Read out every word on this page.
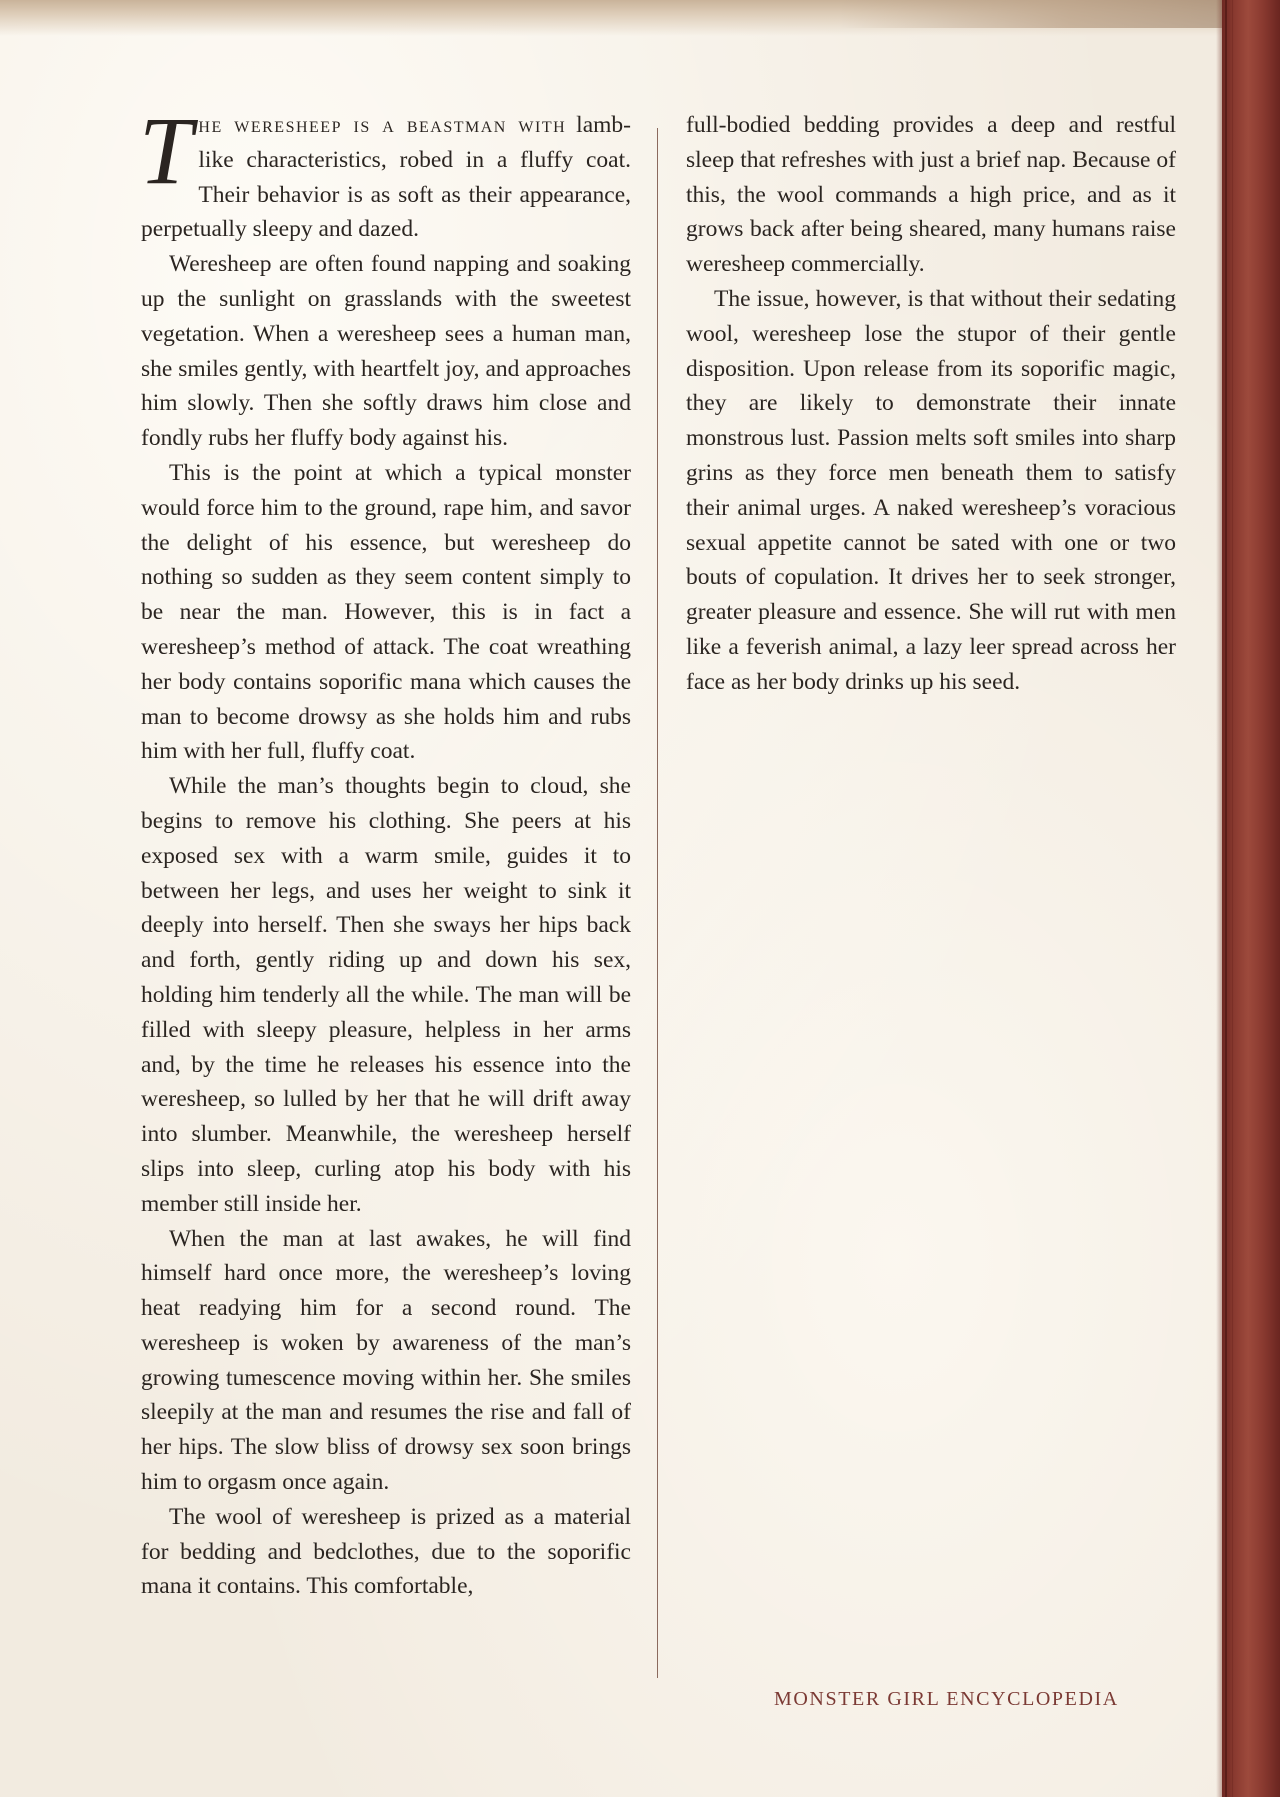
The weresheep is a beastman with lamb-like characteristics, robed in a fluffy coat. Their behavior is as soft as their appearance, perpetually sleepy and dazed.

Weresheep are often found napping and soaking up the sunlight on grasslands with the sweetest vegetation. When a weresheep sees a human man, she smiles gently, with heartfelt joy, and approaches him slowly. Then she softly draws him close and fondly rubs her fluffy body against his.

This is the point at which a typical monster would force him to the ground, rape him, and savor the delight of his essence, but weresheep do nothing so sudden as they seem content simply to be near the man. However, this is in fact a weresheep’s method of attack. The coat wreathing her body contains soporific mana which causes the man to become drowsy as she holds him and rubs him with her full, fluffy coat.

While the man’s thoughts begin to cloud, she begins to remove his clothing. She peers at his exposed sex with a warm smile, guides it to between her legs, and uses her weight to sink it deeply into herself. Then she sways her hips back and forth, gently riding up and down his sex, holding him tenderly all the while. The man will be filled with sleepy pleasure, helpless in her arms and, by the time he releases his essence into the weresheep, so lulled by her that he will drift away into slumber. Meanwhile, the weresheep herself slips into sleep, curling atop his body with his member still inside her.

When the man at last awakes, he will find himself hard once more, the weresheep’s loving heat readying him for a second round. The weresheep is woken by awareness of the man’s growing tumescence moving within her. She smiles sleepily at the man and resumes the rise and fall of her hips. The slow bliss of drowsy sex soon brings him to orgasm once again.

The wool of weresheep is prized as a material for bedding and bedclothes, due to the soporific mana it contains. This comfortable,

full-bodied bedding provides a deep and restful sleep that refreshes with just a brief nap. Because of this, the wool commands a high price, and as it grows back after being sheared, many humans raise weresheep commercially.

The issue, however, is that without their sedating wool, weresheep lose the stupor of their gentle disposition. Upon release from its soporific magic, they are likely to demonstrate their innate monstrous lust. Passion melts soft smiles into sharp grins as they force men beneath them to satisfy their animal urges. A naked weresheep’s voracious sexual appetite cannot be sated with one or two bouts of copulation. It drives her to seek stronger, greater pleasure and essence. She will rut with men like a feverish animal, a lazy leer spread across her face as her body drinks up his seed.

MONSTER GIRL ENCYCLOPEDIA
